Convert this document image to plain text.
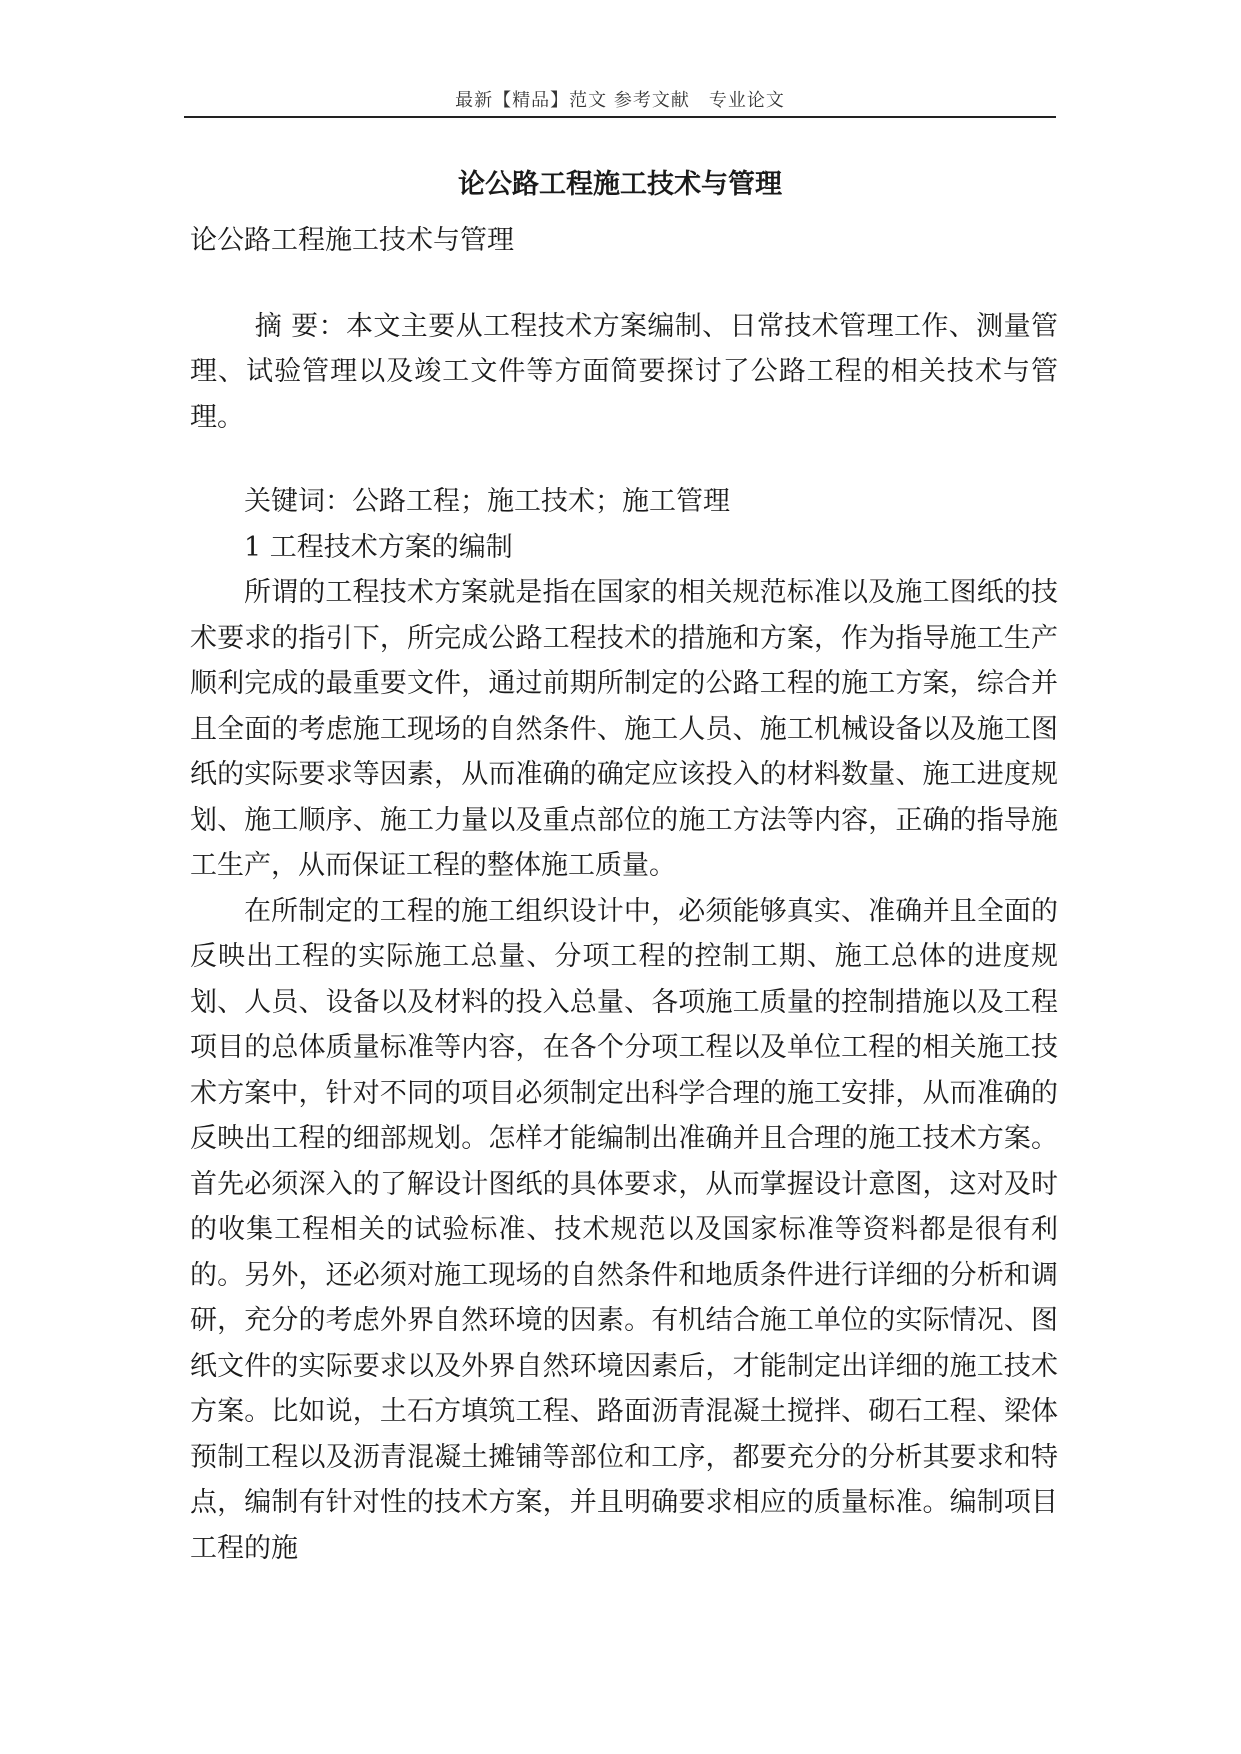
最新【精品】范文 参考文献　专业论文
论公路工程施工技术与管理

论公路工程施工技术与管理

摘 要：本文主要从工程技术方案编制、日常技术管理工作、测量管理、试验管理以及竣工文件等方面简要探讨了公路工程的相关技术与管理。

关键词：公路工程；施工技术；施工管理

1 工程技术方案的编制

所谓的工程技术方案就是指在国家的相关规范标准以及施工图纸的技术要求的指引下，所完成公路工程技术的措施和方案，作为指导施工生产顺利完成的最重要文件，通过前期所制定的公路工程的施工方案，综合并且全面的考虑施工现场的自然条件、施工人员、施工机械设备以及施工图纸的实际要求等因素，从而准确的确定应该投入的材料数量、施工进度规划、施工顺序、施工力量以及重点部位的施工方法等内容，正确的指导施工生产，从而保证工程的整体施工质量。

在所制定的工程的施工组织设计中，必须能够真实、准确并且全面的反映出工程的实际施工总量、分项工程的控制工期、施工总体的进度规划、人员、设备以及材料的投入总量、各项施工质量的控制措施以及工程项目的总体质量标准等内容，在各个分项工程以及单位工程的相关施工技术方案中，针对不同的项目必须制定出科学合理的施工安排，从而准确的反映出工程的细部规划。怎样才能编制出准确并且合理的施工技术方案。首先必须深入的了解设计图纸的具体要求，从而掌握设计意图，这对及时的收集工程相关的试验标准、技术规范以及国家标准等资料都是很有利的。另外，还必须对施工现场的自然条件和地质条件进行详细的分析和调研，充分的考虑外界自然环境的因素。有机结合施工单位的实际情况、图纸文件的实际要求以及外界自然环境因素后，才能制定出详细的施工技术方案。比如说，土石方填筑工程、路面沥青混凝土搅拌、砌石工程、梁体预制工程以及沥青混凝土摊铺等部位和工序，都要充分的分析其要求和特点，编制有针对性的技术方案，并且明确要求相应的质量标准。编制项目工程的施
